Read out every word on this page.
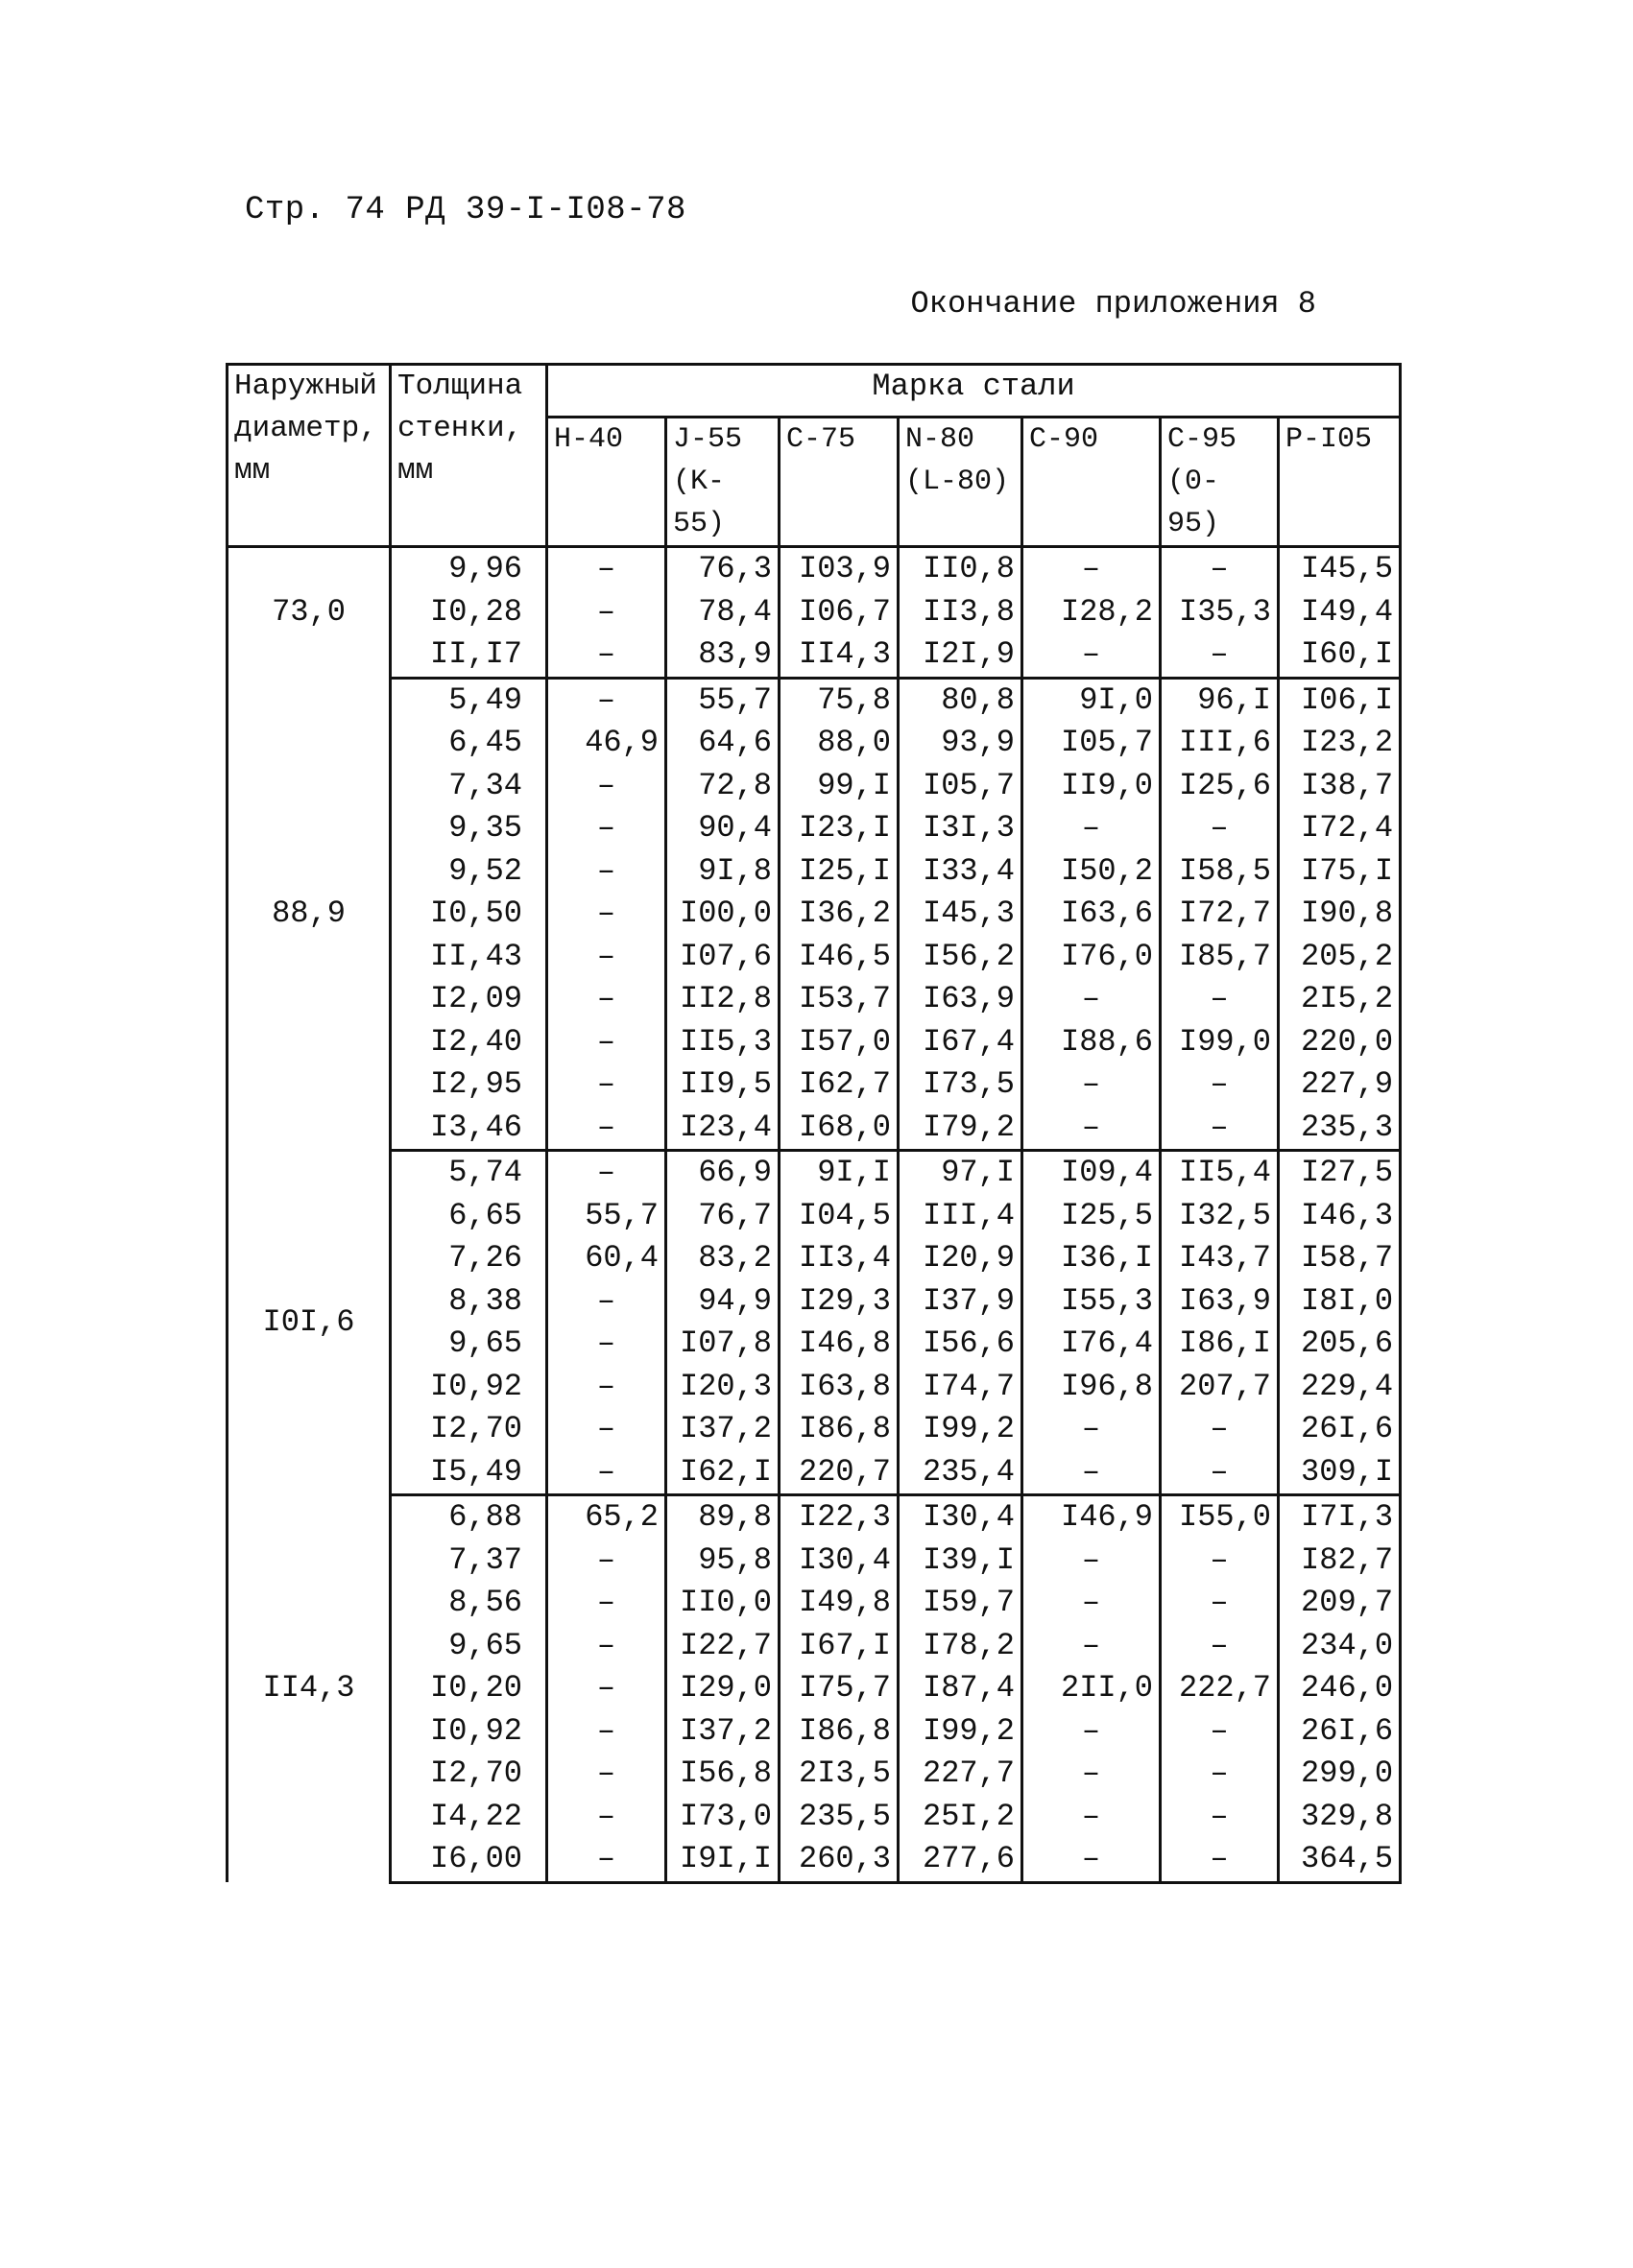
Стр. 74 РД 39-I-I08-78
Окончание приложения 8
Наружный диаметр, мм	Толщина стенки, мм	Марка стали						
		H-40	J-55 (K-55)	C-75	N-80 (L-80)	C-90	C-95 (0-95)	P-I05
73,0	9,96	–	76,3	I03,9	II0,8	–	–	I45,5
	I0,28	–	78,4	I06,7	II3,8	I28,2	I35,3	I49,4
	II,I7	–	83,9	II4,3	I2I,9	–	–	I60,I
88,9	5,49	–	55,7	75,8	80,8	9I,0	96,I	I06,I
	6,45	46,9	64,6	88,0	93,9	I05,7	III,6	I23,2
	7,34	–	72,8	99,I	I05,7	II9,0	I25,6	I38,7
	9,35	–	90,4	I23,I	I3I,3	–	–	I72,4
	9,52	–	9I,8	I25,I	I33,4	I50,2	I58,5	I75,I
	I0,50	–	I00,0	I36,2	I45,3	I63,6	I72,7	I90,8
	II,43	–	I07,6	I46,5	I56,2	I76,0	I85,7	205,2
	I2,09	–	II2,8	I53,7	I63,9	–	–	2I5,2
	I2,40	–	II5,3	I57,0	I67,4	I88,6	I99,0	220,0
	I2,95	–	II9,5	I62,7	I73,5	–	–	227,9
	I3,46	–	I23,4	I68,0	I79,2	–	–	235,3
I0I,6	5,74	–	66,9	9I,I	97,I	I09,4	II5,4	I27,5
	6,65	55,7	76,7	I04,5	III,4	I25,5	I32,5	I46,3
	7,26	60,4	83,2	II3,4	I20,9	I36,I	I43,7	I58,7
	8,38	–	94,9	I29,3	I37,9	I55,3	I63,9	I8I,0
	9,65	–	I07,8	I46,8	I56,6	I76,4	I86,I	205,6
	I0,92	–	I20,3	I63,8	I74,7	I96,8	207,7	229,4
	I2,70	–	I37,2	I86,8	I99,2	–	–	26I,6
	I5,49	–	I62,I	220,7	235,4	–	–	309,I
II4,3	6,88	65,2	89,8	I22,3	I30,4	I46,9	I55,0	I7I,3
	7,37	–	95,8	I30,4	I39,I	–	–	I82,7
	8,56	–	II0,0	I49,8	I59,7	–	–	209,7
	9,65	–	I22,7	I67,I	I78,2	–	–	234,0
	I0,20	–	I29,0	I75,7	I87,4	2II,0	222,7	246,0
	I0,92	–	I37,2	I86,8	I99,2	–	–	26I,6
	I2,70	–	I56,8	2I3,5	227,7	–	–	299,0
	I4,22	–	I73,0	235,5	25I,2	–	–	329,8
	I6,00	–	I9I,I	260,3	277,6	–	–	364,5
